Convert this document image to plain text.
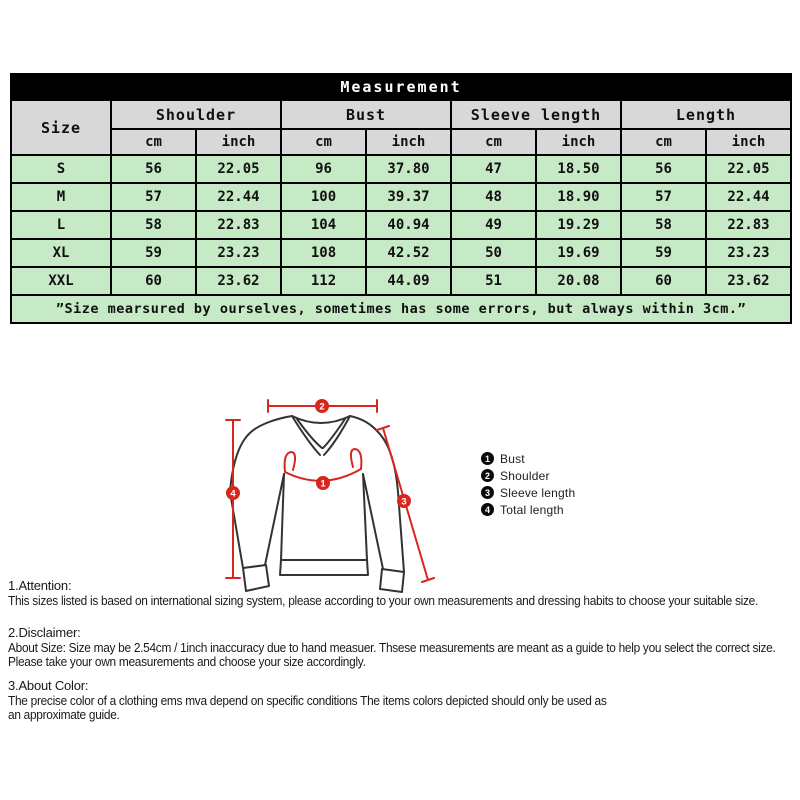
Measurement								
Size	Shoulder		Bust		Sleeve length		Length	
	cm	inch	cm	inch	cm	inch	cm	inch
S	56	22.05	96	37.80	47	18.50	56	22.05
M	57	22.44	100	39.37	48	18.90	57	22.44
L	58	22.83	104	40.94	49	19.29	58	22.83
XL	59	23.23	108	42.52	50	19.69	59	23.23
XXL	60	23.62	112	44.09	51	20.08	60	23.62
”Size mearsured by ourselves, sometimes has some errors, but always within 3cm.”								
2
4
1
3
1 Bust
2 Shoulder
3 Sleeve length
4 Total length
1.Attention:
This sizes listed is based on international sizing system, please according to your own measurements and dressing habits to choose your suitable size.
2.Disclaimer:
About Size: Size may be 2.54cm / 1inch inaccuracy due to hand measuer. Thsese measurements are meant as a guide to help you select the correct size.
Please take your own measurements and choose your size accordingly.
3.About Color:
The precise color of a clothing ems mva depend on specific conditions The items colors depicted should only be used as
an approximate guide.
